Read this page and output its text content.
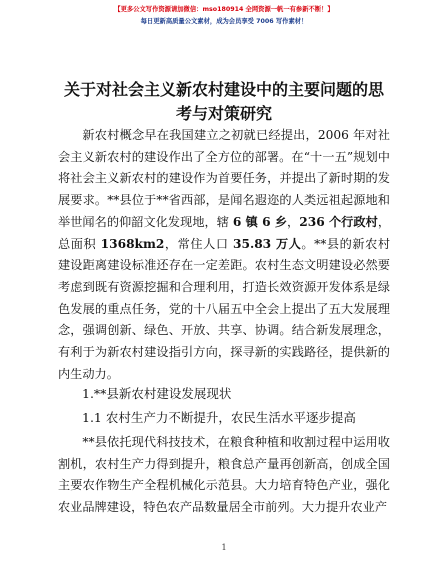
【更多公文写作资源请加微信：mso180914 全网资源一帆一有参新不断！】
每日更新高质量公文素材，成为会员享受 7006 写作素材！
关于对社会主义新农村建设中的主要问题的思考与对策研究

新农村概念早在我国建立之初就已经提出，2006 年对社会主义新农村的建设作出了全方位的部署。在“十一五”规划中将社会主义新农村的建设作为首要任务，并提出了新时期的发展要求。**县位于**省西部，是闻名遐迩的人类远祖起源地和举世闻名的仰韶文化发现地，辖 6 镇 6 乡，236 个行政村，总面积 1368km2，常住人口 35.83 万人。**县的新农村建设距离建设标准还存在一定差距。农村生态文明建设必然要考虑到既有资源挖掘和合理利用，打造长效资源开发体系是绿色发展的重点任务，党的十八届五中全会上提出了五大发展理念，强调创新、绿色、开放、共享、协调。结合新发展理念，有利于为新农村建设指引方向，探寻新的实践路径，提供新的内生动力。

1.**县新农村建设发展现状

1.1 农村生产力不断提升，农民生活水平逐步提高

**县依托现代科技技术，在粮食种植和收割过程中运用收割机，农村生产力得到提升，粮食总产量再创新高，创成全国主要农作物生产全程机械化示范县。大力培育特色产业，强化农业品牌建设，特色农产品数量居全市前列。大力提升农业产

1
